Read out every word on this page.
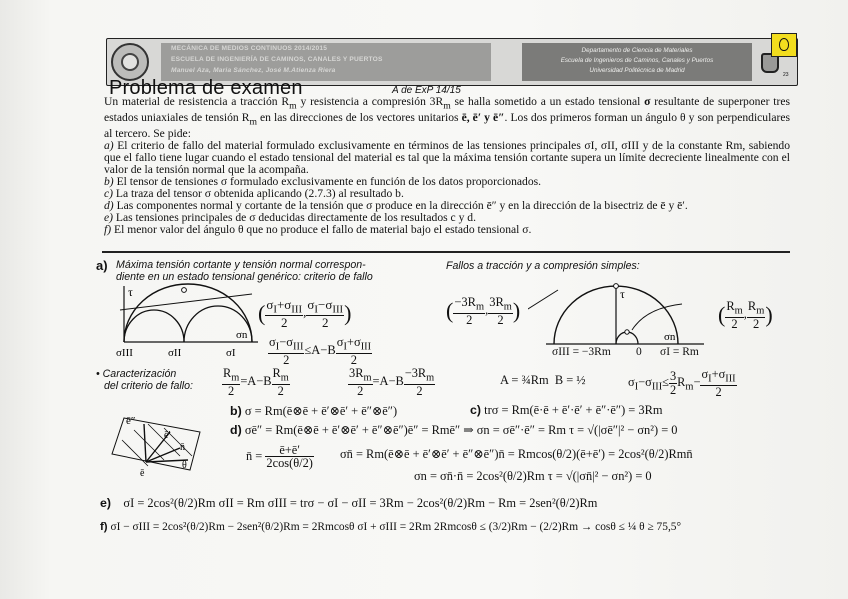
MECÁNICA DE MEDIOS CONTINUOS 2014/2015
ESCUELA DE INGENIERÍA DE CAMINOS, CANALES Y PUERTOS
Manuel Aza, Maria Sánchez, José M.Atienza Riera
Departamento de Ciencia de Materiales
Escuela de Ingenieros de Caminos, Canales y Puertos
Universidad Politécnica de Madrid
23
Problema de examen	A de ExP 14/15

Un material de resistencia a tracción $R_m$ y resistencia a compresión $3R_m$ se halla sometido a un estado tensional σ resultante de superponer tres estados uniaxiales de tensión $R_m$ en las direcciones de los vectores unitarios ē, ē′ y ē″. Los dos primeros forman un ángulo θ y son perpendiculares al tercero. Se pide:

a) El criterio de fallo del material formulado exclusivamente en términos de las tensiones principales σI, σII, σIII y de la constante Rm, sabiendo que el fallo tiene lugar cuando el estado tensional del material es tal que la máxima tensión cortante supera un límite decreciente linealmente con el valor de la tensión normal que la acompaña.

b) El tensor de tensiones σ formulado exclusivamente en función de los datos proporcionados.

c) La traza del tensor σ obtenida aplicando (2.7.3) al resultado b.

d) Las componentes normal y cortante de la tensión que σ produce en la dirección ē″ y en la dirección de la bisectriz de ē y ē′.

e) Las tensiones principales de σ deducidas directamente de los resultados c y d.

f) El menor valor del ángulo θ que no produce el fallo de material bajo el estado tensional σ.

a) Máxima tensión cortante y tensión normal correspon-
diente en un estado tensional genérico: criterio de fallo
Fallos a tracción y a compresión simples:
τ
σn
σIII	σII	σI
( $\frac{\sigma_I+\sigma_{III}}{2}$ , $\frac{\sigma_I-\sigma_{III}}{2}$ )
$\frac{\sigma_I-\sigma_{III}}{2} \le A-B \frac{\sigma_I+\sigma_{III}}{2}$
( $\frac{-3R_m}{2}$ , $\frac{3R_m}{2}$ )
τ
σn
σIII = −3Rm 0 σI = Rm
( $\frac{R_m}{2}$ , $\frac{R_m}{2}$ )
• Caracterización
del criterio de fallo: $\frac{R_m}{2} =A-B \frac{R_m}{2}$	$\frac{3R_m}{2} =A-B \frac{-3R_m}{2}$	A = ¾Rm B = ½	$\sigma_I-\sigma_{III}\le \frac{3}{2} R_m- \frac{\sigma_I+\sigma_{III}}{2}$
b) σ = Rm(ē⊗ē + ē′⊗ē′ + ē″⊗ē″)	c) trσ = Rm(ē·ē + ē′·ē′ + ē″·ē″) = 3Rm
ē″
ē′
n̄
ē
θ
d) σē″ = Rm(ē⊗ē + ē′⊗ē′ + ē″⊗ē″)ē″ = Rmē″ ⇒ σn = σē″·ē″ = Rm τ = √(|σē″|² − σn²) = 0
n̄ = $\frac{ē+ē'}{2\cos(\theta/2)}$ σn̄ = Rm(ē⊗ē + ē′⊗ē′ + ē″⊗ē″)n̄ = Rmcos(θ/2)(ē+ē′) = 2cos²(θ/2)Rmn̄
σn = σn̄·n̄ = 2cos²(θ/2)Rm τ = √(|σn̄|² − σn²) = 0
e) σI = 2cos²(θ/2)Rm σII = Rm σIII = trσ − σI − σII = 3Rm − 2cos²(θ/2)Rm − Rm = 2sen²(θ/2)Rm
f) σI − σIII = 2cos²(θ/2)Rm − 2sen²(θ/2)Rm = 2Rmcosθ σI + σIII = 2Rm 2Rmcosθ ≤ (3/2)Rm − (2/2)Rm → cosθ ≤ ¼ θ ≥ 75,5°
